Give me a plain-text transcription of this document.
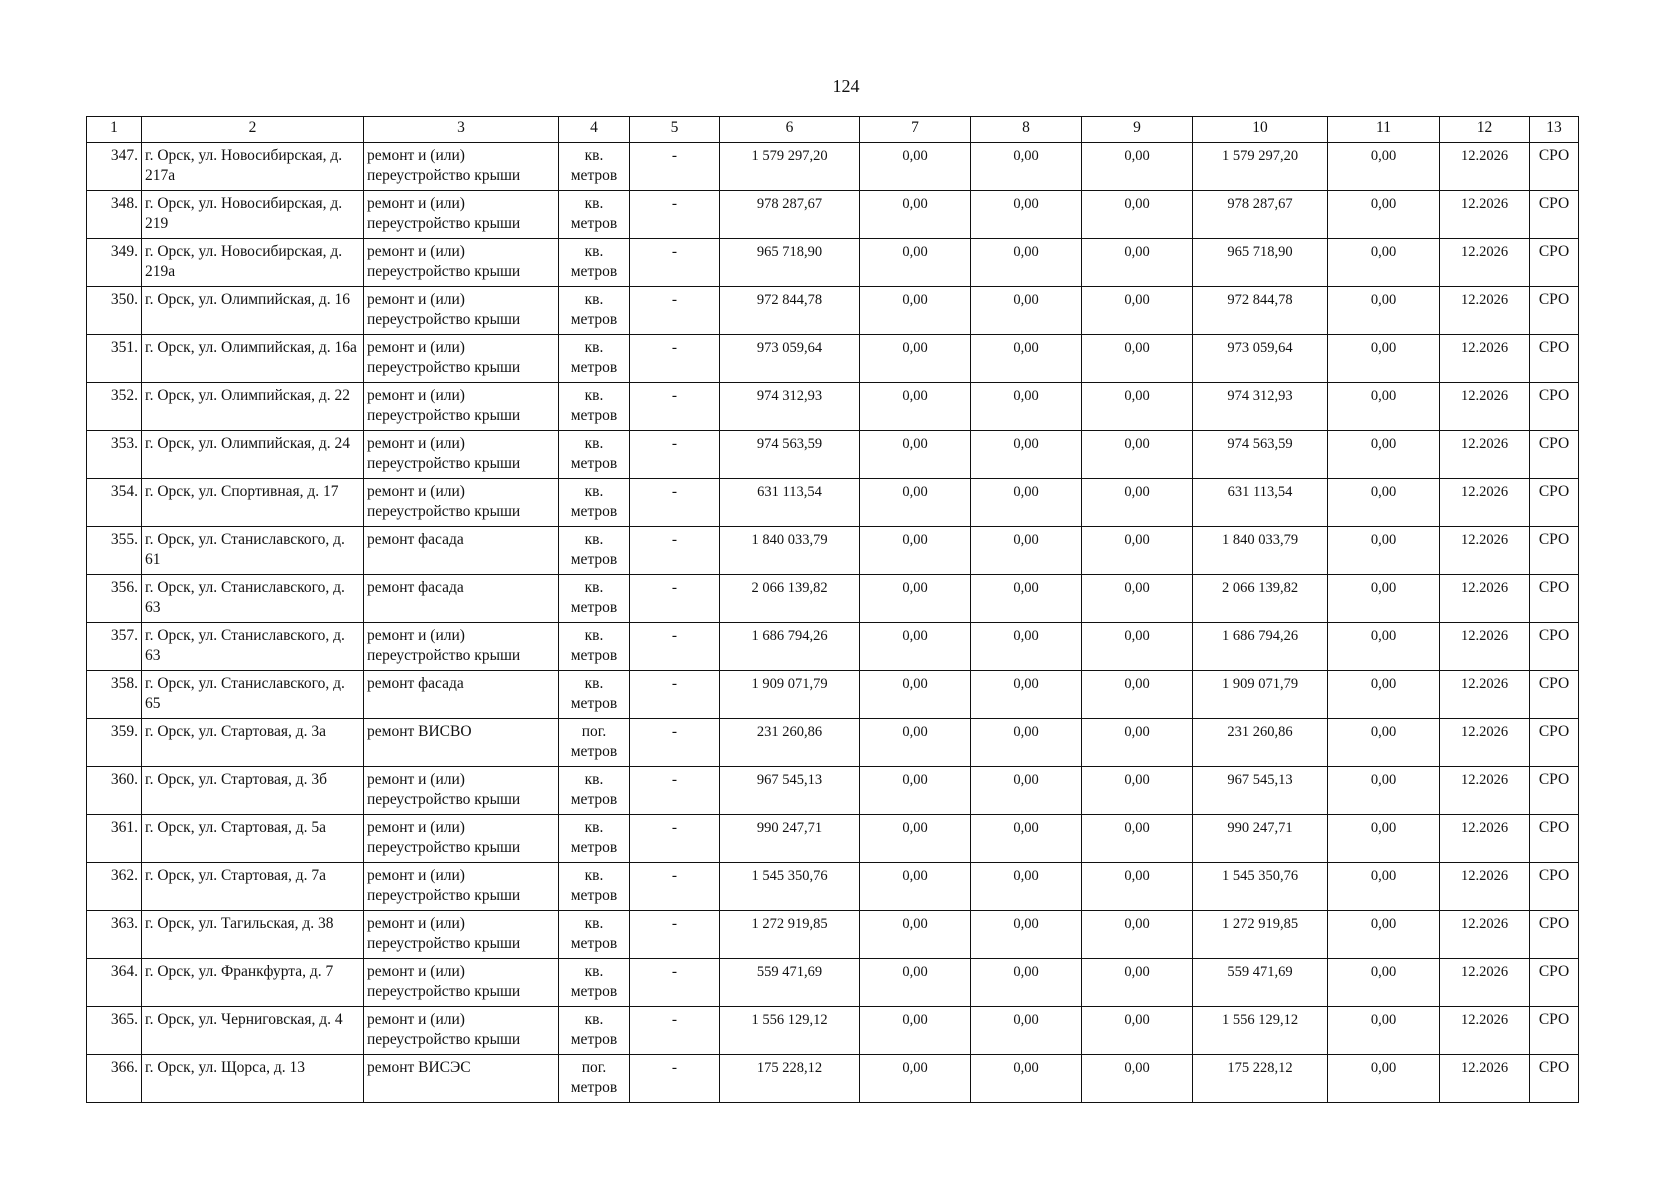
124
1	2	3	4	5	6	7	8	9	10	11	12	13
347.	г. Орск, ул. Новосибирская, д. 217а	ремонт и (или) переустройство крыши	кв. метров	-	1 579 297,20	0,00	0,00	0,00	1 579 297,20	0,00	12.2026	СРО
348.	г. Орск, ул. Новосибирская, д. 219	ремонт и (или) переустройство крыши	кв. метров	-	978 287,67	0,00	0,00	0,00	978 287,67	0,00	12.2026	СРО
349.	г. Орск, ул. Новосибирская, д. 219а	ремонт и (или) переустройство крыши	кв. метров	-	965 718,90	0,00	0,00	0,00	965 718,90	0,00	12.2026	СРО
350.	г. Орск, ул. Олимпийская, д. 16	ремонт и (или) переустройство крыши	кв. метров	-	972 844,78	0,00	0,00	0,00	972 844,78	0,00	12.2026	СРО
351.	г. Орск, ул. Олимпийская, д. 16а	ремонт и (или) переустройство крыши	кв. метров	-	973 059,64	0,00	0,00	0,00	973 059,64	0,00	12.2026	СРО
352.	г. Орск, ул. Олимпийская, д. 22	ремонт и (или) переустройство крыши	кв. метров	-	974 312,93	0,00	0,00	0,00	974 312,93	0,00	12.2026	СРО
353.	г. Орск, ул. Олимпийская, д. 24	ремонт и (или) переустройство крыши	кв. метров	-	974 563,59	0,00	0,00	0,00	974 563,59	0,00	12.2026	СРО
354.	г. Орск, ул. Спортивная, д. 17	ремонт и (или) переустройство крыши	кв. метров	-	631 113,54	0,00	0,00	0,00	631 113,54	0,00	12.2026	СРО
355.	г. Орск, ул. Станиславского, д. 61	ремонт фасада	кв. метров	-	1 840 033,79	0,00	0,00	0,00	1 840 033,79	0,00	12.2026	СРО
356.	г. Орск, ул. Станиславского, д. 63	ремонт фасада	кв. метров	-	2 066 139,82	0,00	0,00	0,00	2 066 139,82	0,00	12.2026	СРО
357.	г. Орск, ул. Станиславского, д. 63	ремонт и (или) переустройство крыши	кв. метров	-	1 686 794,26	0,00	0,00	0,00	1 686 794,26	0,00	12.2026	СРО
358.	г. Орск, ул. Станиславского, д. 65	ремонт фасада	кв. метров	-	1 909 071,79	0,00	0,00	0,00	1 909 071,79	0,00	12.2026	СРО
359.	г. Орск, ул. Стартовая, д. 3а	ремонт ВИСВО	пог. метров	-	231 260,86	0,00	0,00	0,00	231 260,86	0,00	12.2026	СРО
360.	г. Орск, ул. Стартовая, д. 3б	ремонт и (или) переустройство крыши	кв. метров	-	967 545,13	0,00	0,00	0,00	967 545,13	0,00	12.2026	СРО
361.	г. Орск, ул. Стартовая, д. 5а	ремонт и (или) переустройство крыши	кв. метров	-	990 247,71	0,00	0,00	0,00	990 247,71	0,00	12.2026	СРО
362.	г. Орск, ул. Стартовая, д. 7а	ремонт и (или) переустройство крыши	кв. метров	-	1 545 350,76	0,00	0,00	0,00	1 545 350,76	0,00	12.2026	СРО
363.	г. Орск, ул. Тагильская, д. 38	ремонт и (или) переустройство крыши	кв. метров	-	1 272 919,85	0,00	0,00	0,00	1 272 919,85	0,00	12.2026	СРО
364.	г. Орск, ул. Франкфурта, д. 7	ремонт и (или) переустройство крыши	кв. метров	-	559 471,69	0,00	0,00	0,00	559 471,69	0,00	12.2026	СРО
365.	г. Орск, ул. Черниговская, д. 4	ремонт и (или) переустройство крыши	кв. метров	-	1 556 129,12	0,00	0,00	0,00	1 556 129,12	0,00	12.2026	СРО
366.	г. Орск, ул. Щорса, д. 13	ремонт ВИСЭС	пог. метров	-	175 228,12	0,00	0,00	0,00	175 228,12	0,00	12.2026	СРО
